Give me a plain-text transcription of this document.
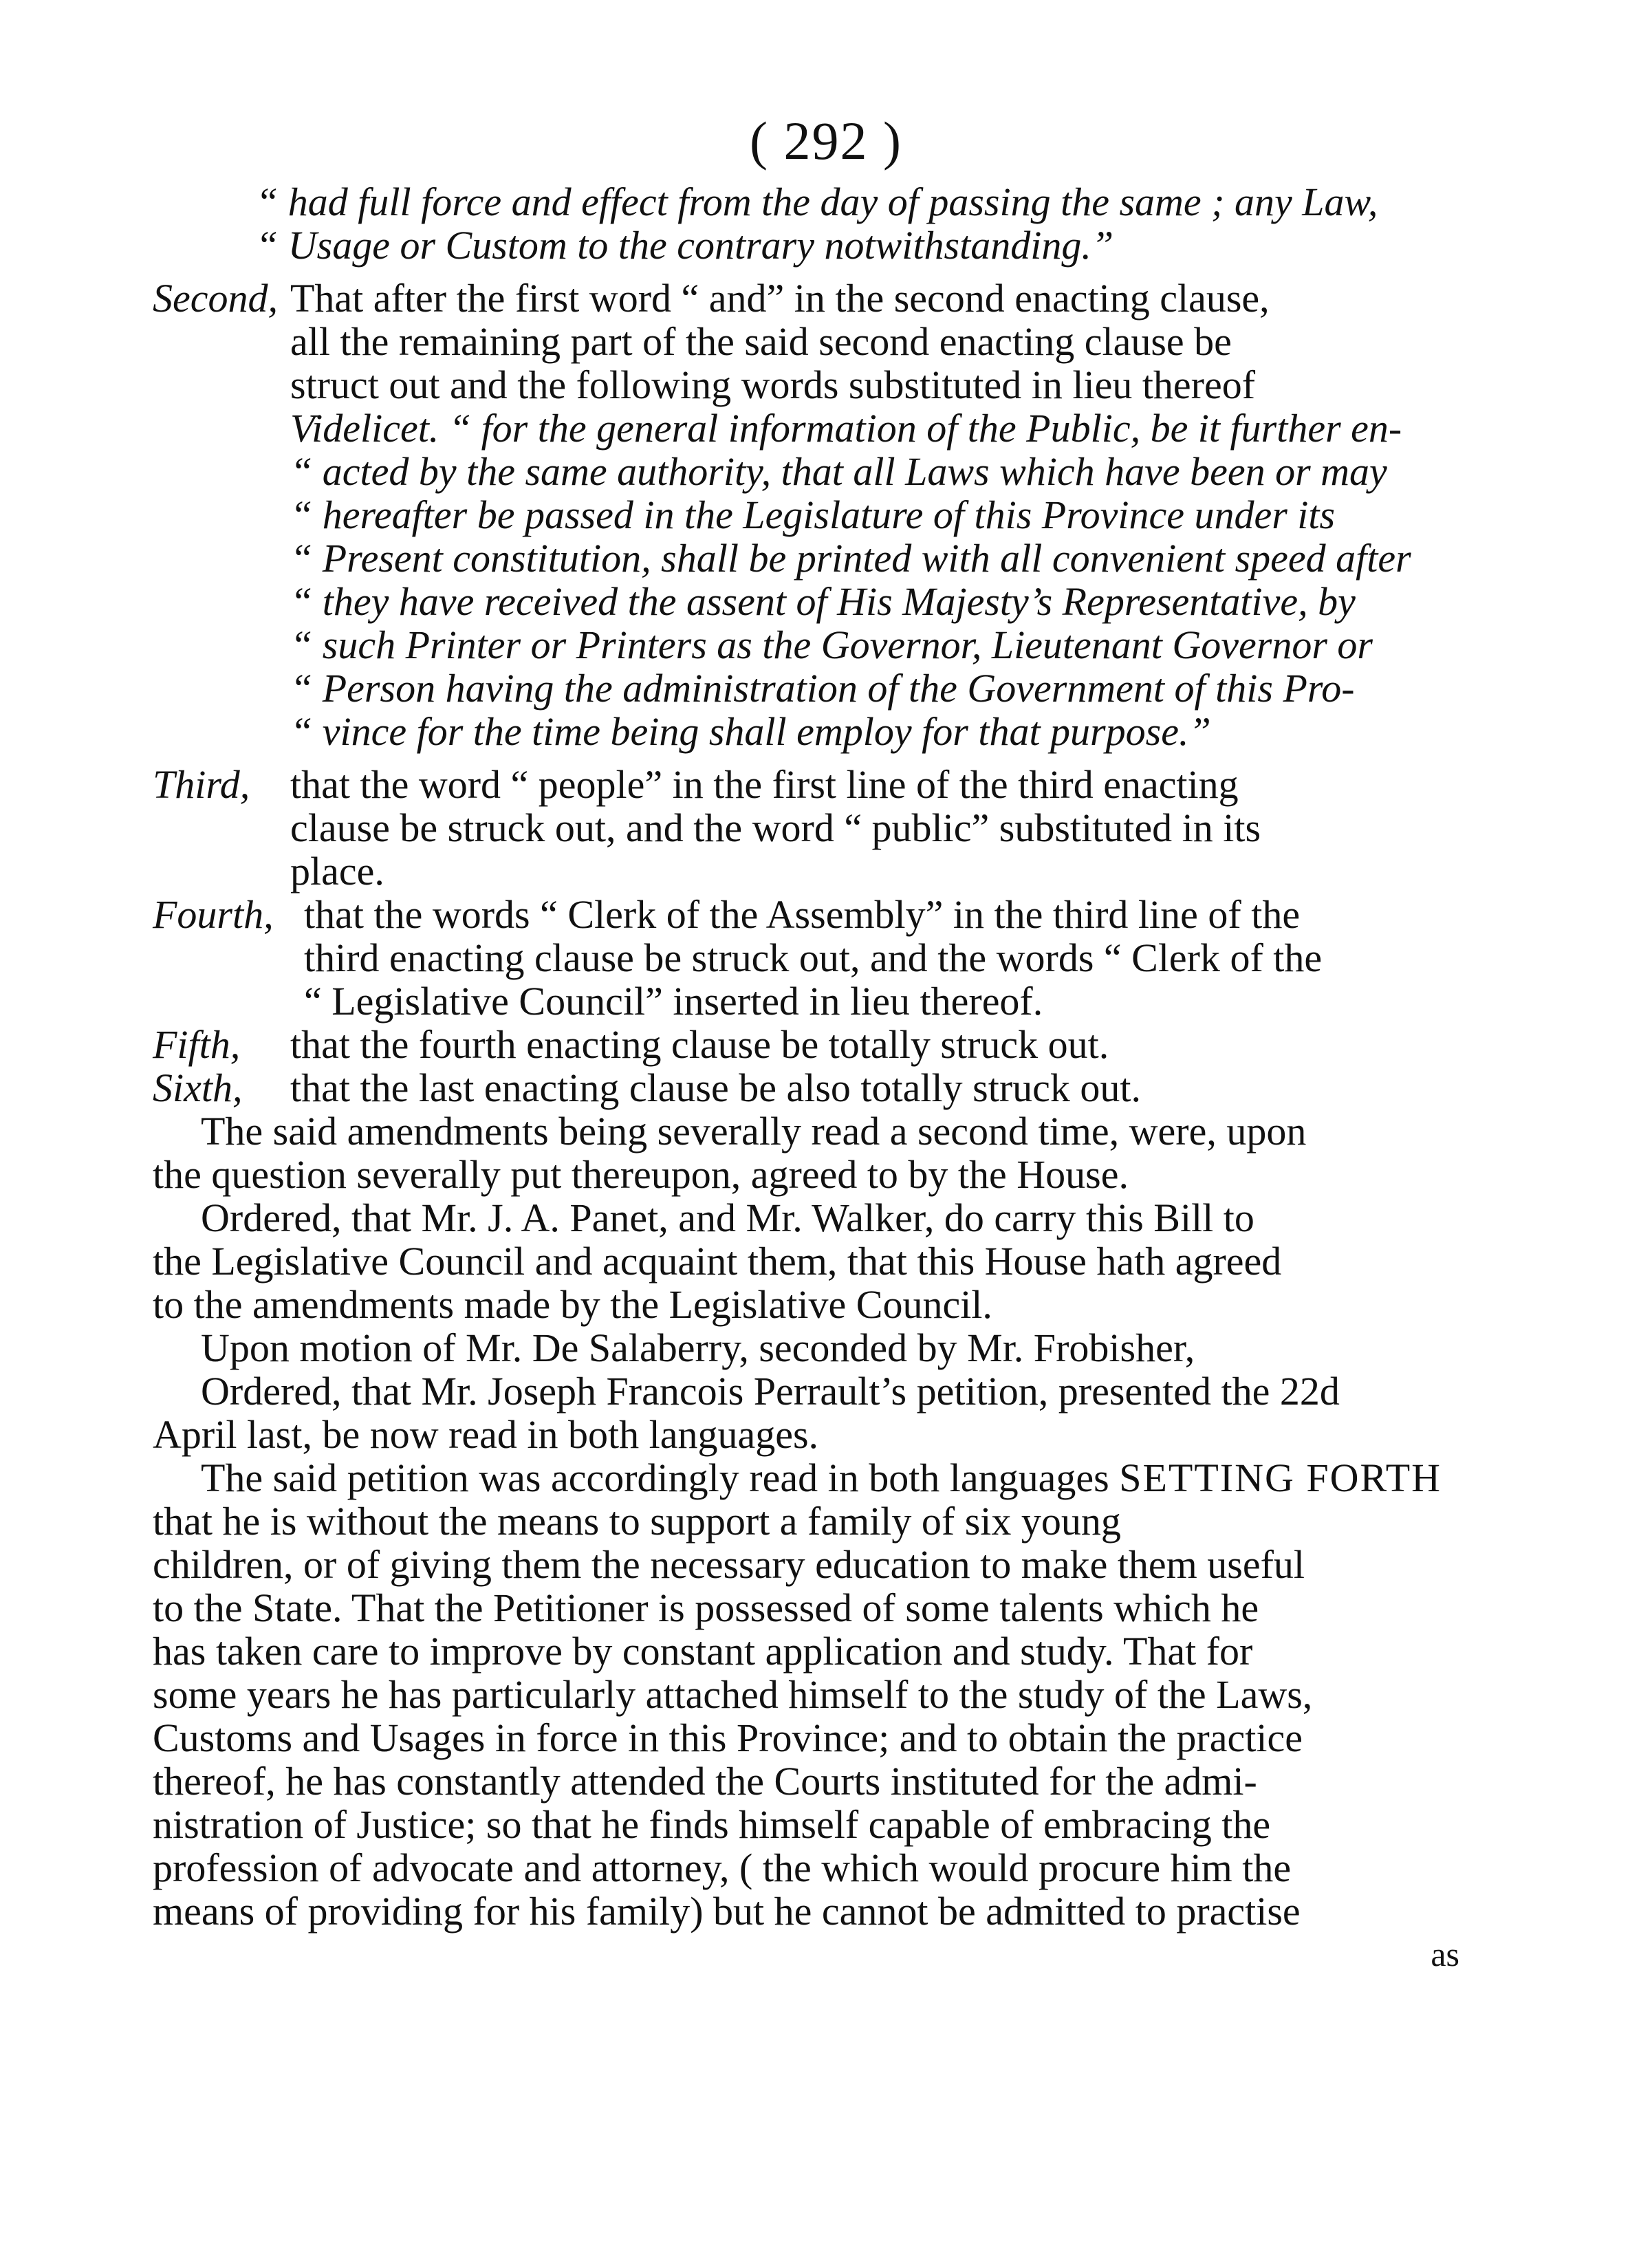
( 292 )
“ had full force and effect from the day of passing the same ; any Law,
“ Usage or Custom to the contrary notwithstanding.”
Second, That after the first word “ and” in the second enacting clause,
all the remaining part of the said second enacting clause be
struct out and the following words substituted in lieu thereof
Videlicet. “ for the general information of the Public, be it further en-
“ acted by the same authority, that all Laws which have been or may
“ hereafter be passed in the Legislature of this Province under its
“ Present constitution, shall be printed with all convenient speed after
“ they have received the assent of His Majesty’s Representative, by
“ such Printer or Printers as the Governor, Lieutenant Governor or
“ Person having the administration of the Government of this Pro-
“ vince for the time being shall employ for that purpose.”
Third,	that the word “ people” in the first line of the third enacting
clause be struck out, and the word “ public” substituted in its
place.
Fourth, that the words “ Clerk of the Assembly” in the third line of the
third enacting clause be struck out, and the words “ Clerk of the
“ Legislative Council” inserted in lieu thereof.
Fifth,	that the fourth enacting clause be totally struck out.
Sixth,	that the last enacting clause be also totally struck out.
The said amendments being severally read a second time, were, upon
the question severally put thereupon, agreed to by the House.
Ordered, that Mr. J. A. Panet, and Mr. Walker, do carry this Bill to
the Legislative Council and acquaint them, that this House hath agreed
to the amendments made by the Legislative Council.
Upon motion of Mr. De Salaberry, seconded by Mr. Frobisher,
Ordered, that Mr. Joseph Francois Perrault’s petition, presented the 22d
April last, be now read in both languages.
The said petition was accordingly read in both languages SETTING FORTH
that he is without the means to support a family of six young
children, or of giving them the necessary education to make them useful
to the State. That the Petitioner is possessed of some talents which he
has taken care to improve by constant application and study. That for
some years he has particularly attached himself to the study of the Laws,
Customs and Usages in force in this Province; and to obtain the practice
thereof, he has constantly attended the Courts instituted for the admi-
nistration of Justice; so that he finds himself capable of embracing the
profession of advocate and attorney, ( the which would procure him the
means of providing for his family) but he cannot be admitted to practise
as
